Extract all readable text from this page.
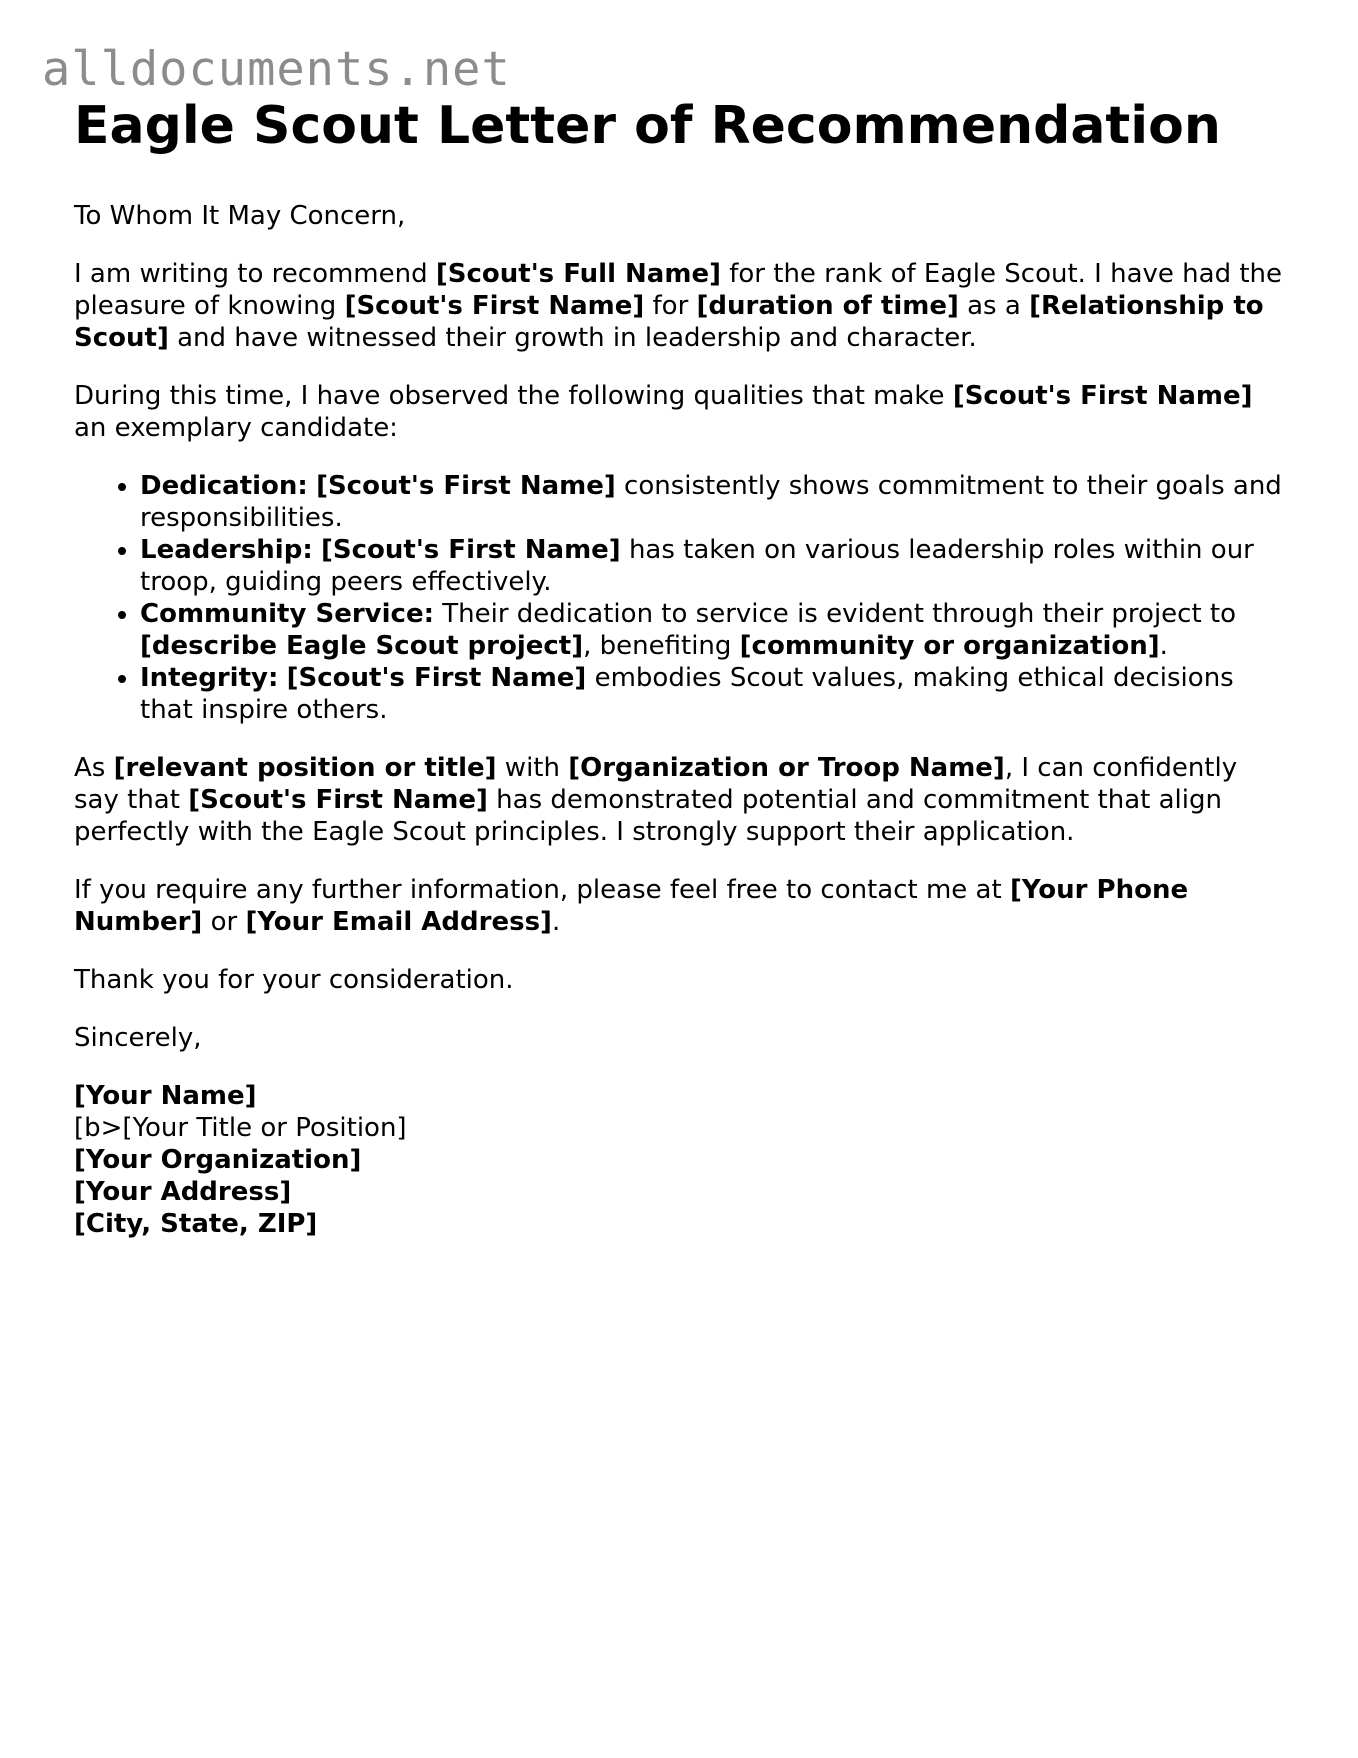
alldocuments.net
Eagle Scout Letter of Recommendation

To Whom It May Concern,

I am writing to recommend [Scout's Full Name] for the rank of Eagle Scout. I have had the pleasure of knowing [Scout's First Name] for [duration of time] as a [Relationship to Scout] and have witnessed their growth in leadership and character.

During this time, I have observed the following qualities that make [Scout's First Name] an exemplary candidate:

• Dedication: [Scout's First Name] consistently shows commitment to their goals and responsibilities.
• Leadership: [Scout's First Name] has taken on various leadership roles within our troop, guiding peers effectively.
• Community Service: Their dedication to service is evident through their project to [describe Eagle Scout project], benefiting [community or organization].
• Integrity: [Scout's First Name] embodies Scout values, making ethical decisions that inspire others.

As [relevant position or title] with [Organization or Troop Name], I can confidently say that [Scout's First Name] has demonstrated potential and commitment that align perfectly with the Eagle Scout principles. I strongly support their application.

If you require any further information, please feel free to contact me at [Your Phone Number] or [Your Email Address].

Thank you for your consideration.

Sincerely,

[Your Name]
[b>[Your Title or Position]
[Your Organization]
[Your Address]
[City, State, ZIP]
